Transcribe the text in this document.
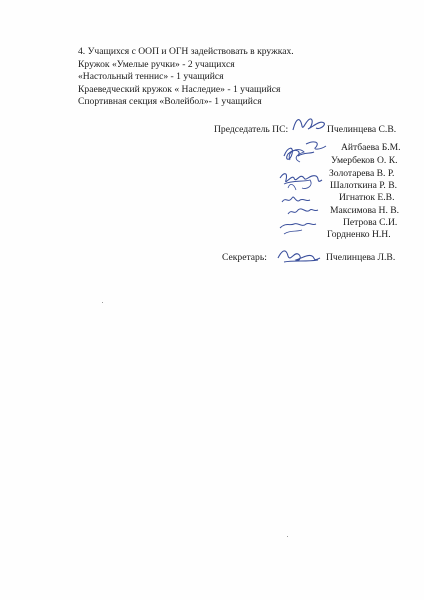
4. Учащихся с ООП и ОГН задействовать в кружках.
Кружок «Умелые ручки» - 2 учащихся
«Настольный теннис» - 1 учащийся
Краеведческий кружок « Наследие» - 1 учащийся
Спортивная секция «Волейбол»- 1 учащийся
Председатель ПС:	Пчелинцева С.В.
Айтбаева Б.М.
Умербеков О. К.
Золотарева В. Р.
Шалоткина Р. В.
Игнатюк Е.В.
Максимова Н. В.
Петрова С.И.
Гордненко Н.Н.
Секретарь:	Пчелинцева Л.В.
